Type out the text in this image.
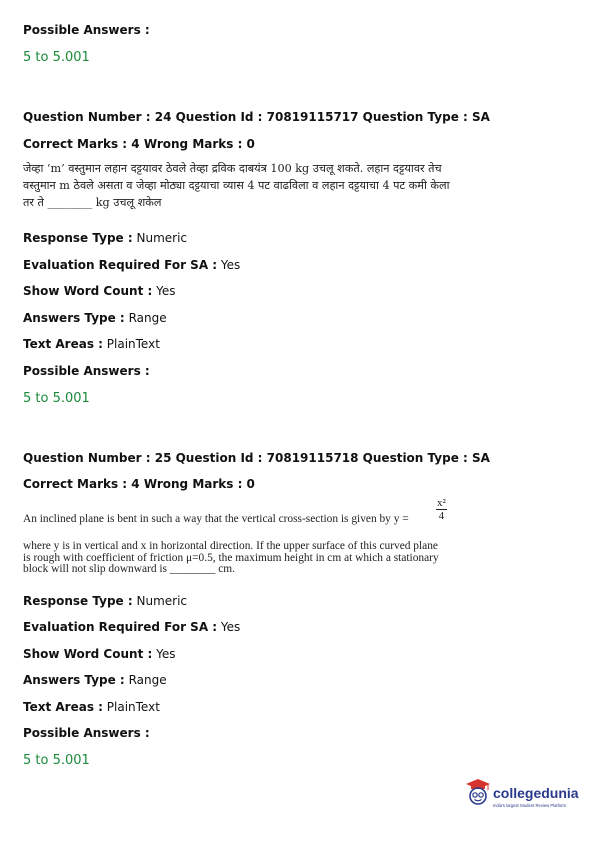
Possible Answers :
5 to 5.001
Question Number : 24 Question Id : 70819115717 Question Type : SA
Correct Marks : 4 Wrong Marks : 0
जेव्हा ‘m’ वस्तुमान लहान दट्टयावर ठेवले तेव्हा द्रविक दाबयंत्र 100 kg उचलू शकते. लहान दट्टयावर तेच
वस्तुमान m ठेवले असता व जेव्हा मोठ्या दट्टयाचा व्यास 4 पट वाढविला व लहान दट्टयाचा 4 पट कमी केला
तर ते ________ kg उचलू शकेल
Response Type : Numeric
Evaluation Required For SA : Yes
Show Word Count : Yes
Answers Type : Range
Text Areas : PlainText
Possible Answers :
5 to 5.001
Question Number : 25 Question Id : 70819115718 Question Type : SA
Correct Marks : 4 Wrong Marks : 0
An inclined plane is bent in such a way that the vertical cross-section is given by y =	$\frac{\text{x²}}{4}$
where y is in vertical and x in horizontal direction. If the upper surface of this curved plane
is rough with coefficient of friction μ=0.5, the maximum height in cm at which a stationary
block will not slip downward is ________ cm.
Response Type : Numeric
Evaluation Required For SA : Yes
Show Word Count : Yes
Answers Type : Range
Text Areas : PlainText
Possible Answers :
5 to 5.001
collegedunia
India's largest Student Review Platform
